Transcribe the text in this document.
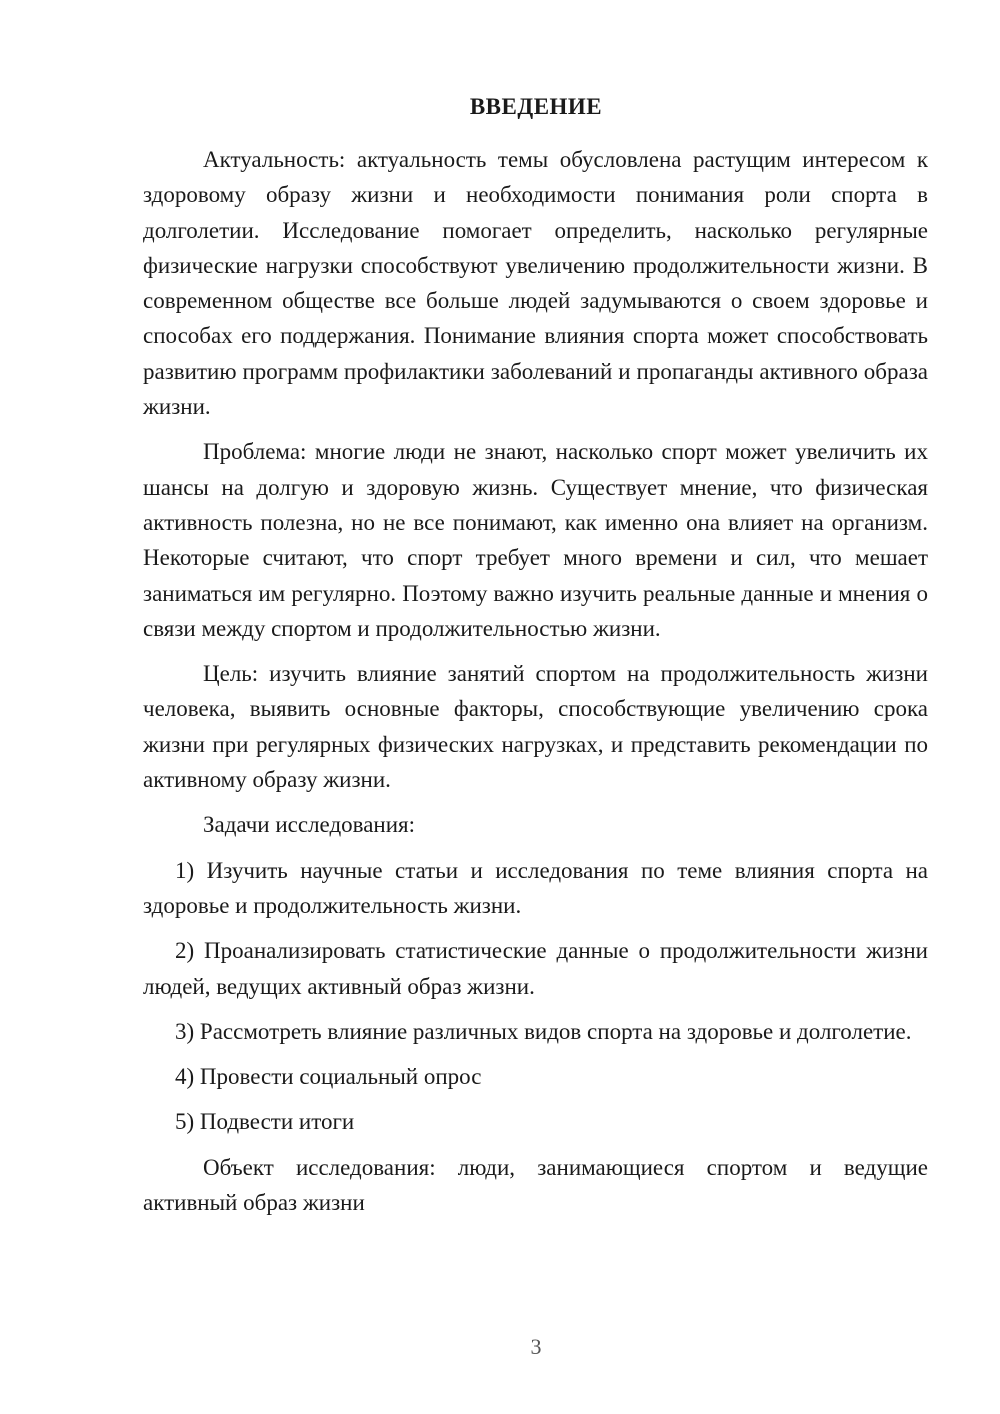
ВВЕДЕНИЕ

Актуальность: актуальность темы обусловлена растущим интересом к здоровому образу жизни и необходимости понимания роли спорта в долголетии. Исследование помогает определить, насколько регулярные физические нагрузки способствуют увеличению продолжительности жизни. В современном обществе все больше людей задумываются о своем здоровье и способах его поддержания. Понимание влияния спорта может способствовать развитию программ профилактики заболеваний и пропаганды активного образа жизни.

Проблема: многие люди не знают, насколько спорт может увеличить их шансы на долгую и здоровую жизнь. Существует мнение, что физическая активность полезна, но не все понимают, как именно она влияет на организм. Некоторые считают, что спорт требует много времени и сил, что мешает заниматься им регулярно. Поэтому важно изучить реальные данные и мнения о связи между спортом и продолжительностью жизни.

Цель: изучить влияние занятий спортом на продолжительность жизни человека, выявить основные факторы, способствующие увеличению срока жизни при регулярных физических нагрузках, и представить рекомендации по активному образу жизни.

Задачи исследования:

1) Изучить научные статьи и исследования по теме влияния спорта на здоровье и продолжительность жизни.

2) Проанализировать статистические данные о продолжительности жизни людей, ведущих активный образ жизни.

3) Рассмотреть влияние различных видов спорта на здоровье и долголетие.

4) Провести социальный опрос

5) Подвести итоги

Объект исследования: люди, занимающиеся спортом и ведущие активный образ жизни

3
